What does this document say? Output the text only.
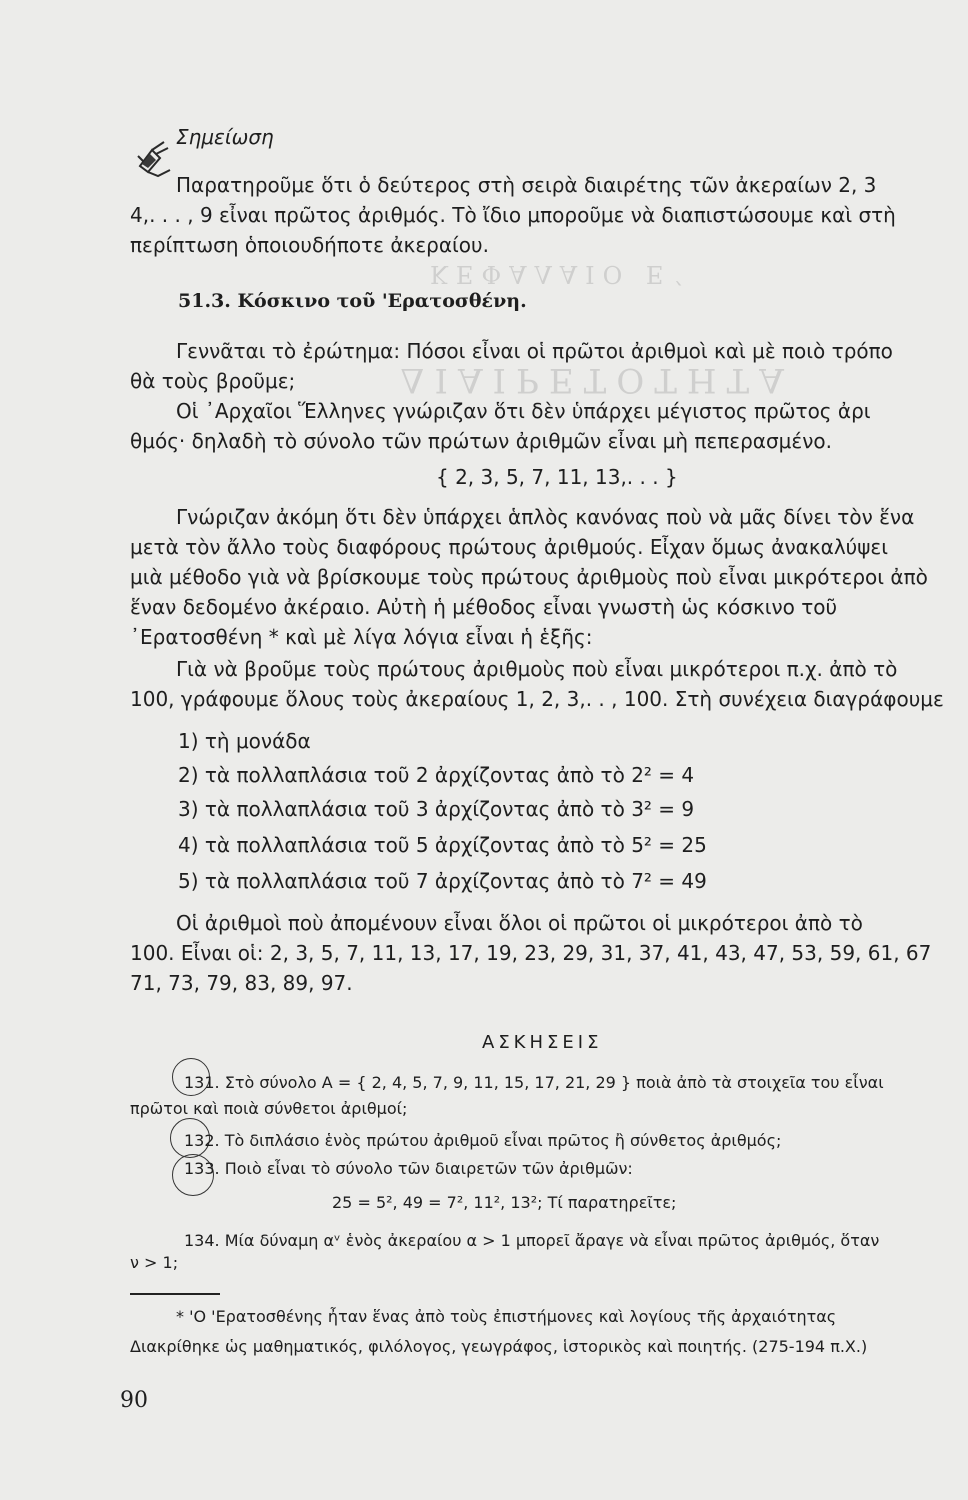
ΔΙΑΙΡΕΤΟΤΗΤΑ
ΚΕΦΑΛΑΙΟ Ε΄
Σημείωση
Παρατηροῦμε ὅτι ὁ δεύτερος στὴ σειρὰ διαιρέτης τῶν ἀκεραίων 2, 3
4,. . . , 9 εἶναι πρῶτος ἀριθμός. Τὸ ἴδιο μποροῦμε νὰ διαπιστώσουμε καὶ στὴ
περίπτωση ὁποιουδήποτε ἀκεραίου.
51.3. Κόσκινο τοῦ 'Ερατοσθένη.
Γεννᾶται τὸ ἐρώτημα: Πόσοι εἶναι οἱ πρῶτοι ἀριθμοὶ καὶ μὲ ποιὸ τρόπο
θὰ τοὺς βροῦμε;
Οἱ ᾽Αρχαῖοι Ἕλληνες γνώριζαν ὅτι δὲν ὑπάρχει μέγιστος πρῶτος ἀρι
θμός· δηλαδὴ τὸ σύνολο τῶν πρώτων ἀριθμῶν εἶναι μὴ πεπερασμένο.
{ 2, 3, 5, 7, 11, 13,. . . }
Γνώριζαν ἀκόμη ὅτι δὲν ὑπάρχει ἁπλὸς κανόνας ποὺ νὰ μᾶς δίνει τὸν ἕνα
μετὰ τὸν ἄλλο τοὺς διαφόρους πρώτους ἀριθμούς. Εἶχαν ὅμως ἀνακαλύψει
μιὰ μέθοδο γιὰ νὰ βρίσκουμε τοὺς πρώτους ἀριθμοὺς ποὺ εἶναι μικρότεροι ἀπὸ
ἕναν δεδομένο ἀκέραιο. Αὐτὴ ἡ μέθοδος εἶναι γνωστὴ ὡς κόσκινο τοῦ
᾽Ερατοσθένη * καὶ μὲ λίγα λόγια εἶναι ἡ ἑξῆς:
Γιὰ νὰ βροῦμε τοὺς πρώτους ἀριθμοὺς ποὺ εἶναι μικρότεροι π.χ. ἀπὸ τὸ
100, γράφουμε ὅλους τοὺς ἀκεραίους 1, 2, 3,. . , 100. Στὴ συνέχεια διαγράφουμε
1) τὴ μονάδα
2) τὰ πολλαπλάσια τοῦ 2 ἀρχίζοντας ἀπὸ τὸ 2² = 4
3) τὰ πολλαπλάσια τοῦ 3 ἀρχίζοντας ἀπὸ τὸ 3² = 9
4) τὰ πολλαπλάσια τοῦ 5 ἀρχίζοντας ἀπὸ τὸ 5² = 25
5) τὰ πολλαπλάσια τοῦ 7 ἀρχίζοντας ἀπὸ τὸ 7² = 49
Οἱ ἀριθμοὶ ποὺ ἀπομένουν εἶναι ὅλοι οἱ πρῶτοι οἱ μικρότεροι ἀπὸ τὸ
100. Εἶναι οἱ: 2, 3, 5, 7, 11, 13, 17, 19, 23, 29, 31, 37, 41, 43, 47, 53, 59, 61, 67
71, 73, 79, 83, 89, 97.
ΑΣΚΗΣΕΙΣ
131. Στὸ σύνολο Α = { 2, 4, 5, 7, 9, 11, 15, 17, 21, 29 } ποιὰ ἀπὸ τὰ στοιχεῖα του εἶναι
πρῶτοι καὶ ποιὰ σύνθετοι ἀριθμοί;
132. Τὸ διπλάσιο ἑνὸς πρώτου ἀριθμοῦ εἶναι πρῶτος ἢ σύνθετος ἀριθμός;
133. Ποιὸ εἶναι τὸ σύνολο τῶν διαιρετῶν τῶν ἀριθμῶν:
25 = 5², 49 = 7², 11², 13²; Τί παρατηρεῖτε;
134. Μία δύναμη αᵛ ἑνὸς ἀκεραίου α > 1 μπορεῖ ἄραγε νὰ εἶναι πρῶτος ἀριθμός, ὅταν
ν > 1;
* 'Ο 'Ερατοσθένης ἦταν ἕνας ἀπὸ τοὺς ἐπιστήμονες καὶ λογίους τῆς ἀρχαιότητας
Διακρίθηκε ὡς μαθηματικός, φιλόλογος, γεωγράφος, ἱστορικὸς καὶ ποιητής. (275-194 π.Χ.)
90
